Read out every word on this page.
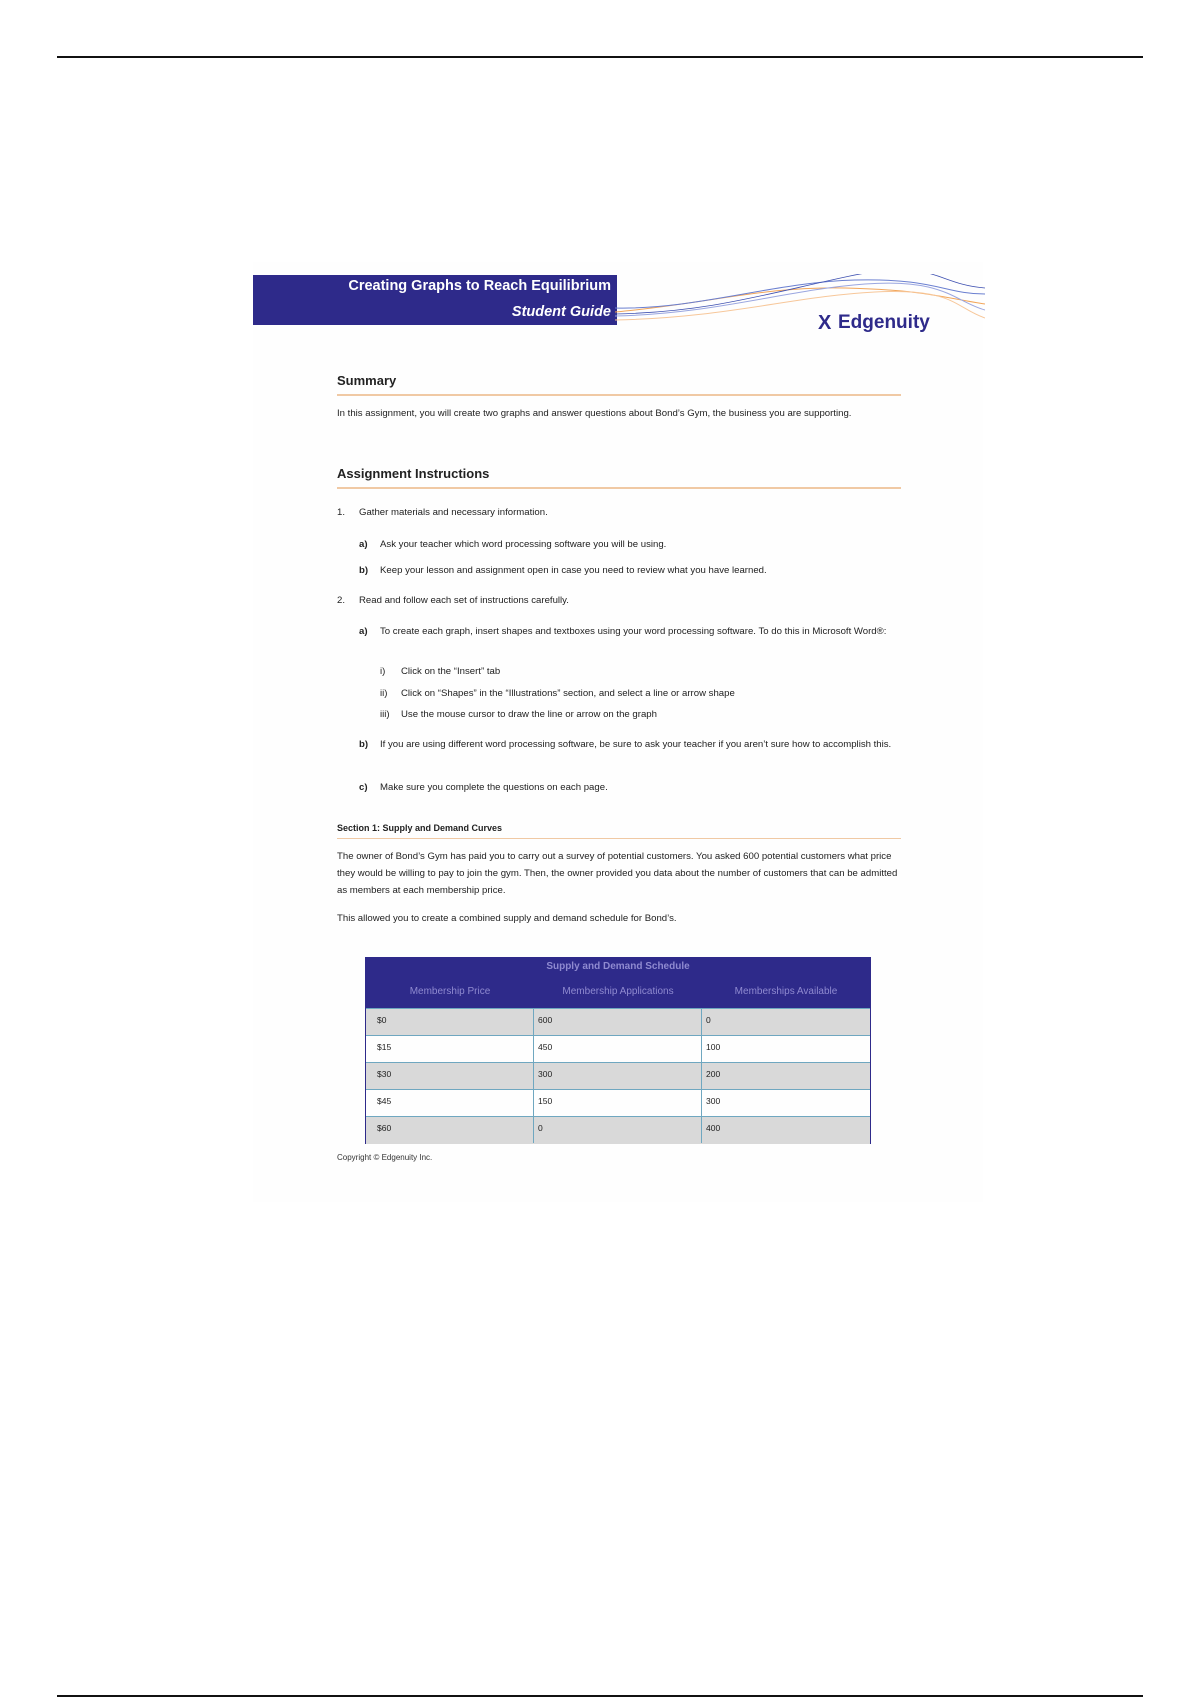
Creating Graphs to Reach Equilibrium
Student Guide	X Edgenuity
Summary
In this assignment, you will create two graphs and answer questions about Bond’s Gym, the business you are supporting.
Assignment Instructions
1. Gather materials and necessary information.
a) Ask your teacher which word processing software you will be using.
b) Keep your lesson and assignment open in case you need to review what you have learned.
2. Read and follow each set of instructions carefully.
a) To create each graph, insert shapes and textboxes using your word processing software. To do this in Microsoft Word®:
i) Click on the “Insert” tab
ii) Click on “Shapes” in the “Illustrations” section, and select a line or arrow shape
iii) Use the mouse cursor to draw the line or arrow on the graph
b) If you are using different word processing software, be sure to ask your teacher if you aren’t sure how to accomplish this.
c) Make sure you complete the questions on each page.
Section 1: Supply and Demand Curves
The owner of Bond’s Gym has paid you to carry out a survey of potential customers. You asked 600 potential customers what price they would be willing to pay to join the gym. Then, the owner provided you data about the number of customers that can be admitted as members at each membership price.
This allowed you to create a combined supply and demand schedule for Bond’s.
Supply and Demand Schedule
Membership Price	Membership Applications	Memberships Available
$0	600	0
$15	450	100
$30	300	200
$45	150	300
$60	0	400
Copyright © Edgenuity Inc.
